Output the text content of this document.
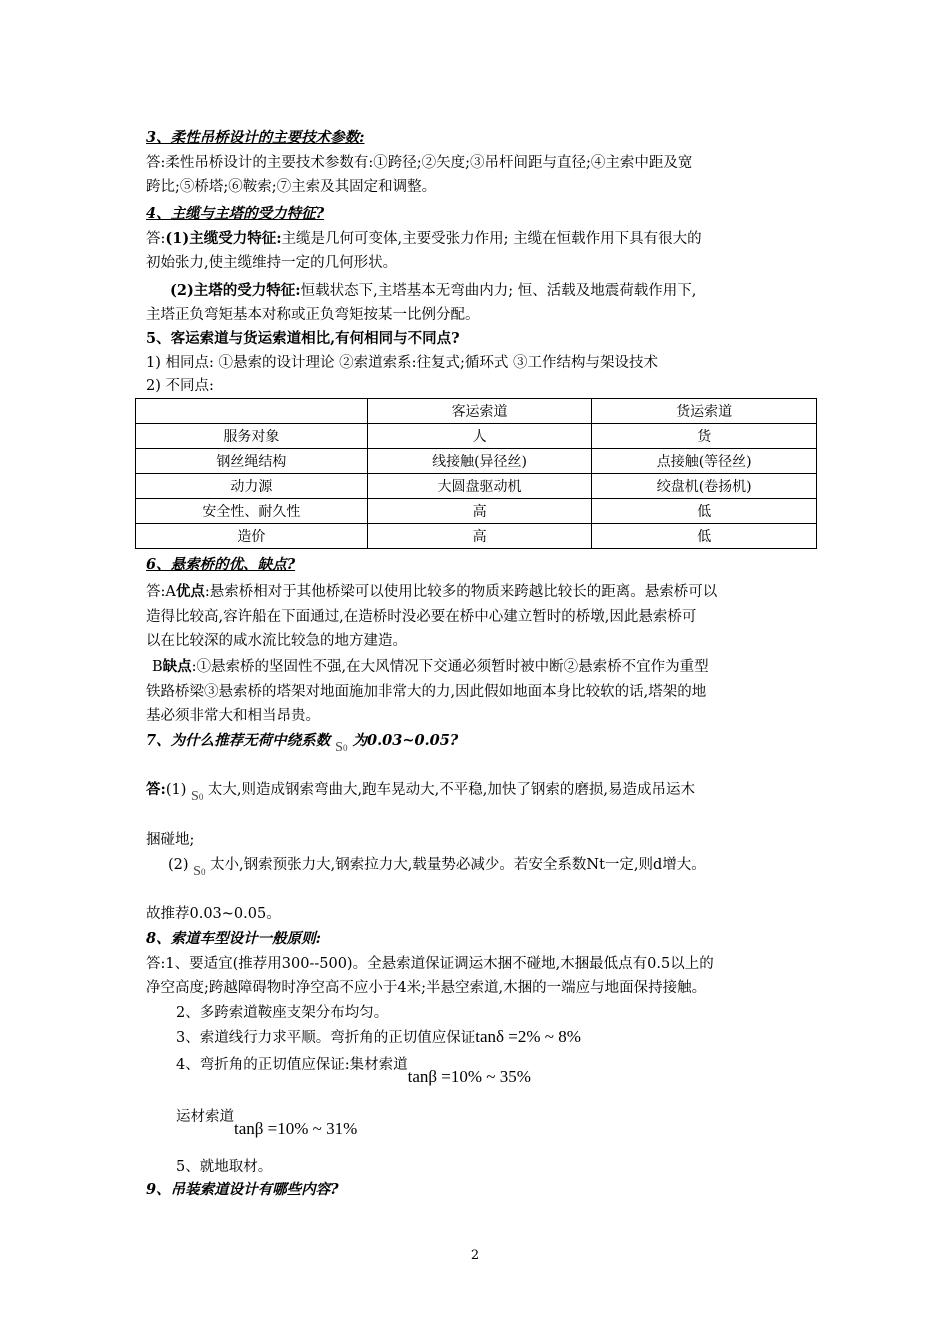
3、柔性吊桥设计的主要技术参数:
答:柔性吊桥设计的主要技术参数有:①跨径;②矢度;③吊杆间距与直径;④主索中距及宽
跨比;⑤桥塔;⑥鞍索;⑦主索及其固定和调整。
4、主缆与主塔的受力特征?
答:(1)主缆受力特征:主缆是几何可变体,主要受张力作用; 主缆在恒载作用下具有很大的
初始张力,使主缆维持一定的几何形状。
(2)主塔的受力特征:恒载状态下,主塔基本无弯曲内力; 恒、活载及地震荷载作用下,
主塔正负弯矩基本对称或正负弯矩按某一比例分配。
5、客运索道与货运索道相比,有何相同与不同点?
1) 相同点: ①悬索的设计理论 ②索道索系:往复式;循环式 ③工作结构与架设技术
2) 不同点:
	客运索道	货运索道
服务对象	人	货
钢丝绳结构	线接触(异径丝)	点接触(等径丝)
动力源	大圆盘驱动机	绞盘机(卷扬机)
安全性、耐久性	高	低
造价	高	低
6、悬索桥的优、缺点?
答:A优点:悬索桥相对于其他桥梁可以使用比较多的物质来跨越比较长的距离。悬索桥可以
造得比较高,容许船在下面通过,在造桥时没必要在桥中心建立暂时的桥墩,因此悬索桥可
以在比较深的咸水流比较急的地方建造。
B缺点:①悬索桥的坚固性不强,在大风情况下交通必须暂时被中断②悬索桥不宜作为重型
铁路桥梁③悬索桥的塔架对地面施加非常大的力,因此假如地面本身比较软的话,塔架的地
基必须非常大和相当昂贵。
7、为什么推荐无荷中绕系数 S0 为0.03~0.05?
答:(1) S0 太大,则造成钢索弯曲大,跑车晃动大,不平稳,加快了钢索的磨损,易造成吊运木
捆碰地;
(2) S0 太小,钢索预张力大,钢索拉力大,载量势必减少。若安全系数Nt一定,则d增大。
故推荐0.03~0.05。
8、索道车型设计一般原则:
答:1、要适宜(推荐用300--500)。全悬索道保证调运木捆不碰地,木捆最低点有0.5以上的
净空高度;跨越障碍物时净空高不应小于4米;半悬空索道,木捆的一端应与地面保持接触。
2、多跨索道鞍座支架分布均匀。
3、索道线行力求平顺。弯折角的正切值应保证tanδ =2% ~ 8%
4、弯折角的正切值应保证:集材索道tanβ =10% ~ 35%
运材索道tanβ =10% ~ 31%
5、就地取材。
9、吊装索道设计有哪些内容?
2
